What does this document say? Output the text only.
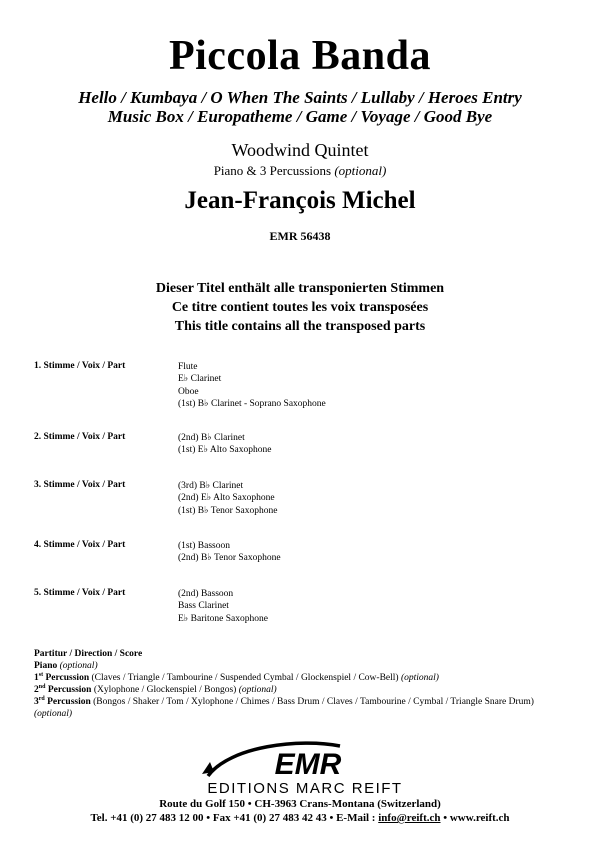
Piccola Banda
Hello / Kumbaya / O When The Saints / Lullaby / Heroes Entry
Music Box / Europatheme / Game / Voyage / Good Bye
Woodwind Quintet
Piano & 3 Percussions (optional)
Jean-François Michel
EMR 56438
Dieser Titel enthält alle transponierten Stimmen
Ce titre contient toutes les voix transposées
This title contains all the transposed parts
1. Stimme / Voix / Part	Flute
E♭ Clarinet
Oboe
(1st) B♭ Clarinet - Soprano Saxophone
2. Stimme / Voix / Part	(2nd) B♭ Clarinet
(1st) E♭ Alto Saxophone
3. Stimme / Voix / Part	(3rd) B♭ Clarinet
(2nd) E♭ Alto Saxophone
(1st) B♭ Tenor Saxophone
4. Stimme / Voix / Part	(1st) Bassoon
(2nd) B♭ Tenor Saxophone
5. Stimme / Voix / Part	(2nd) Bassoon
Bass Clarinet
E♭ Baritone Saxophone
Partitur / Direction / Score
Piano (optional)
1st Percussion (Claves / Triangle / Tambourine / Suspended Cymbal / Glockenspiel / Cow-Bell) (optional)
2nd Percussion (Xylophone / Glockenspiel / Bongos) (optional)
3rd Percussion (Bongos / Shaker / Tom / Xylophone / Chimes / Bass Drum / Claves / Tambourine / Cymbal / Triangle Snare Drum) (optional)
EMR
EDITIONS MARC REIFT
Route du Golf 150 • CH-3963 Crans-Montana (Switzerland)
Tel. +41 (0) 27 483 12 00 • Fax +41 (0) 27 483 42 43 • E-Mail : info@reift.ch • www.reift.ch
